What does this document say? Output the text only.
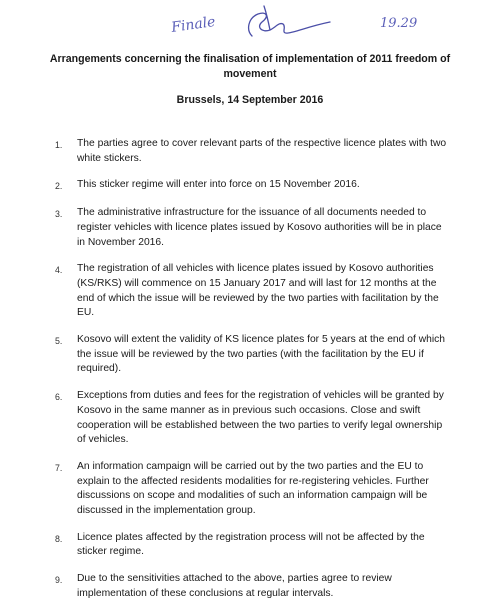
Finale	19.29
Arrangements concerning the finalisation of implementation of 2011 freedom of movement
Brussels, 14 September 2016
1.	The parties agree to cover relevant parts of the respective licence plates with two white stickers.
2.	This sticker regime will enter into force on 15 November 2016.
3.	The administrative infrastructure for the issuance of all documents needed to register vehicles with licence plates issued by Kosovo authorities will be in place in November 2016.
4.	The registration of all vehicles with licence plates issued by Kosovo authorities (KS/RKS) will commence on 15 January 2017 and will last for 12 months at the end of which the issue will be reviewed by the two parties with facilitation by the EU.
5.	Kosovo will extent the validity of KS licence plates for 5 years at the end of which the issue will be reviewed by the two parties (with the facilitation by the EU if required).
6.	Exceptions from duties and fees for the registration of vehicles will be granted by Kosovo in the same manner as in previous such occasions. Close and swift cooperation will be established between the two parties to verify legal ownership of vehicles.
7.	An information campaign will be carried out by the two parties and the EU to explain to the affected residents modalities for re-registering vehicles. Further discussions on scope and modalities of such an information campaign will be discussed in the implementation group.
8.	Licence plates affected by the registration process will not be affected by the sticker regime.
9.	Due to the sensitivities attached to the above, parties agree to review implementation of these conclusions at regular intervals.
